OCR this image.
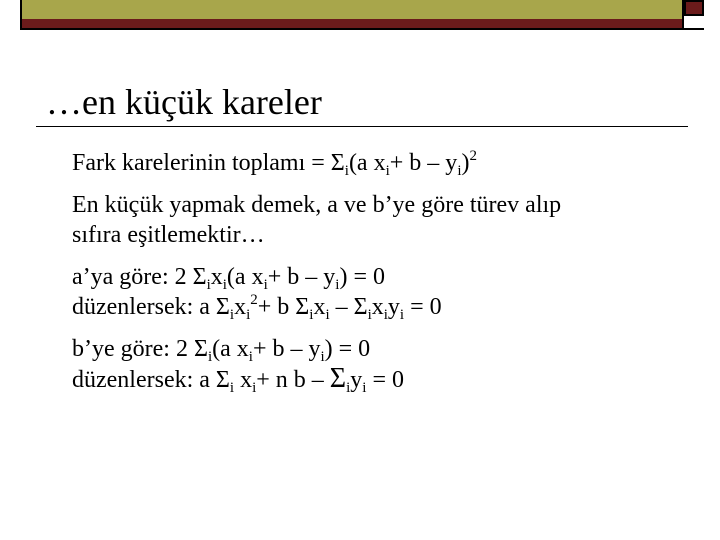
…en küçük kareler
Fark karelerinin toplamı = $\Sigma_i(a$ $x_i+ b - y_i)^2$
En küçük yapmak demek, a ve b’ye göre türev alıp
sıfıra eşitlemektir…
a’ya göre: 2 $\Sigma_ix_i(a$ $x_i+ b - y_i) = 0$
düzenlersek: a $\Sigma_ix_i^2+ b$ $\Sigma_ix_i - \Sigma_ix_iy_i = 0$
b’ye göre: 2 $\Sigma_i(a$ $x_i+ b - y_i) = 0$
düzenlersek: a $\Sigma_i$ $x_i+ n$ $b - \Sigma_iy_i = 0$
